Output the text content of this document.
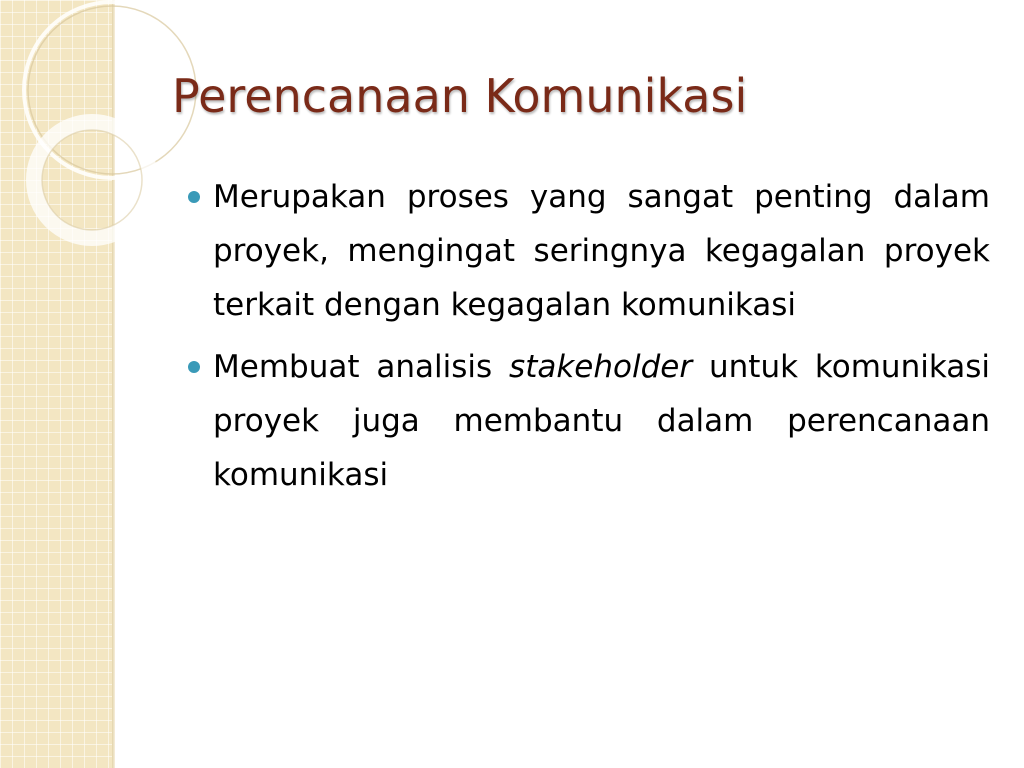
Perencanaan Komunikasi
Merupakan proses yang sangat penting dalam proyek, mengingat seringnya kegagalan proyek terkait dengan kegagalan komunikasi
Membuat analisis stakeholder untuk komunikasi proyek juga membantu dalam perencanaan komunikasi
